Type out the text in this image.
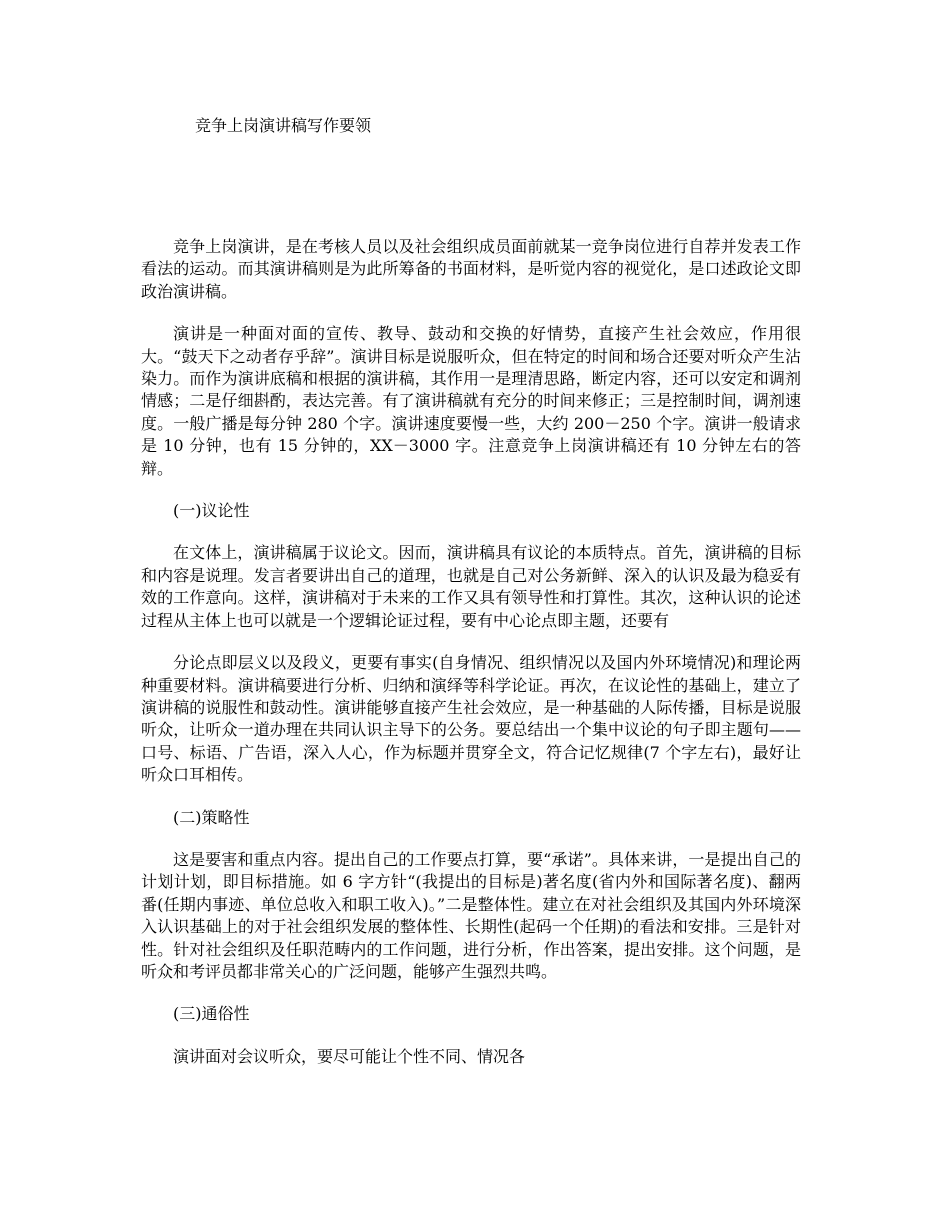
竞争上岗演讲稿写作要领

竞争上岗演讲，是在考核人员以及社会组织成员面前就某一竞争岗位进行自荐并发表工作看法的运动。而其演讲稿则是为此所筹备的书面材料，是听觉内容的视觉化，是口述政论文即政治演讲稿。

演讲是一种面对面的宣传、教导、鼓动和交换的好情势，直接产生社会效应，作用很大。“鼓天下之动者存乎辞”。演讲目标是说服听众，但在特定的时间和场合还要对听众产生沾染力。而作为演讲底稿和根据的演讲稿，其作用一是理清思路，断定内容，还可以安定和调剂情感；二是仔细斟酌，表达完善。有了演讲稿就有充分的时间来修正；三是控制时间，调剂速度。一般广播是每分钟 280 个字。演讲速度要慢一些，大约 200－250 个字。演讲一般请求是 10 分钟，也有 15 分钟的，XX－3000 字。注意竞争上岗演讲稿还有 10 分钟左右的答辩。

(一)议论性

在文体上，演讲稿属于议论文。因而，演讲稿具有议论的本质特点。首先，演讲稿的目标和内容是说理。发言者要讲出自己的道理，也就是自己对公务新鲜、深入的认识及最为稳妥有效的工作意向。这样，演讲稿对于未来的工作又具有领导性和打算性。其次，这种认识的论述过程从主体上也可以就是一个逻辑论证过程，要有中心论点即主题，还要有

分论点即层义以及段义，更要有事实(自身情况、组织情况以及国内外环境情况)和理论两种重要材料。演讲稿要进行分析、归纳和演绎等科学论证。再次，在议论性的基础上，建立了演讲稿的说服性和鼓动性。演讲能够直接产生社会效应，是一种基础的人际传播，目标是说服听众，让听众一道办理在共同认识主导下的公务。要总结出一个集中议论的句子即主题句——口号、标语、广告语，深入人心，作为标题并贯穿全文，符合记忆规律(7 个字左右)，最好让听众口耳相传。

(二)策略性

这是要害和重点内容。提出自己的工作要点打算，要“承诺”。具体来讲，一是提出自己的计划计划，即目标措施。如 6 字方针“(我提出的目标是)著名度(省内外和国际著名度)、翻两番(任期内事迹、单位总收入和职工收入)。”二是整体性。建立在对社会组织及其国内外环境深入认识基础上的对于社会组织发展的整体性、长期性(起码一个任期)的看法和安排。三是针对性。针对社会组织及任职范畴内的工作问题，进行分析，作出答案，提出安排。这个问题，是听众和考评员都非常关心的广泛问题，能够产生强烈共鸣。

(三)通俗性

演讲面对会议听众，要尽可能让个性不同、情况各
